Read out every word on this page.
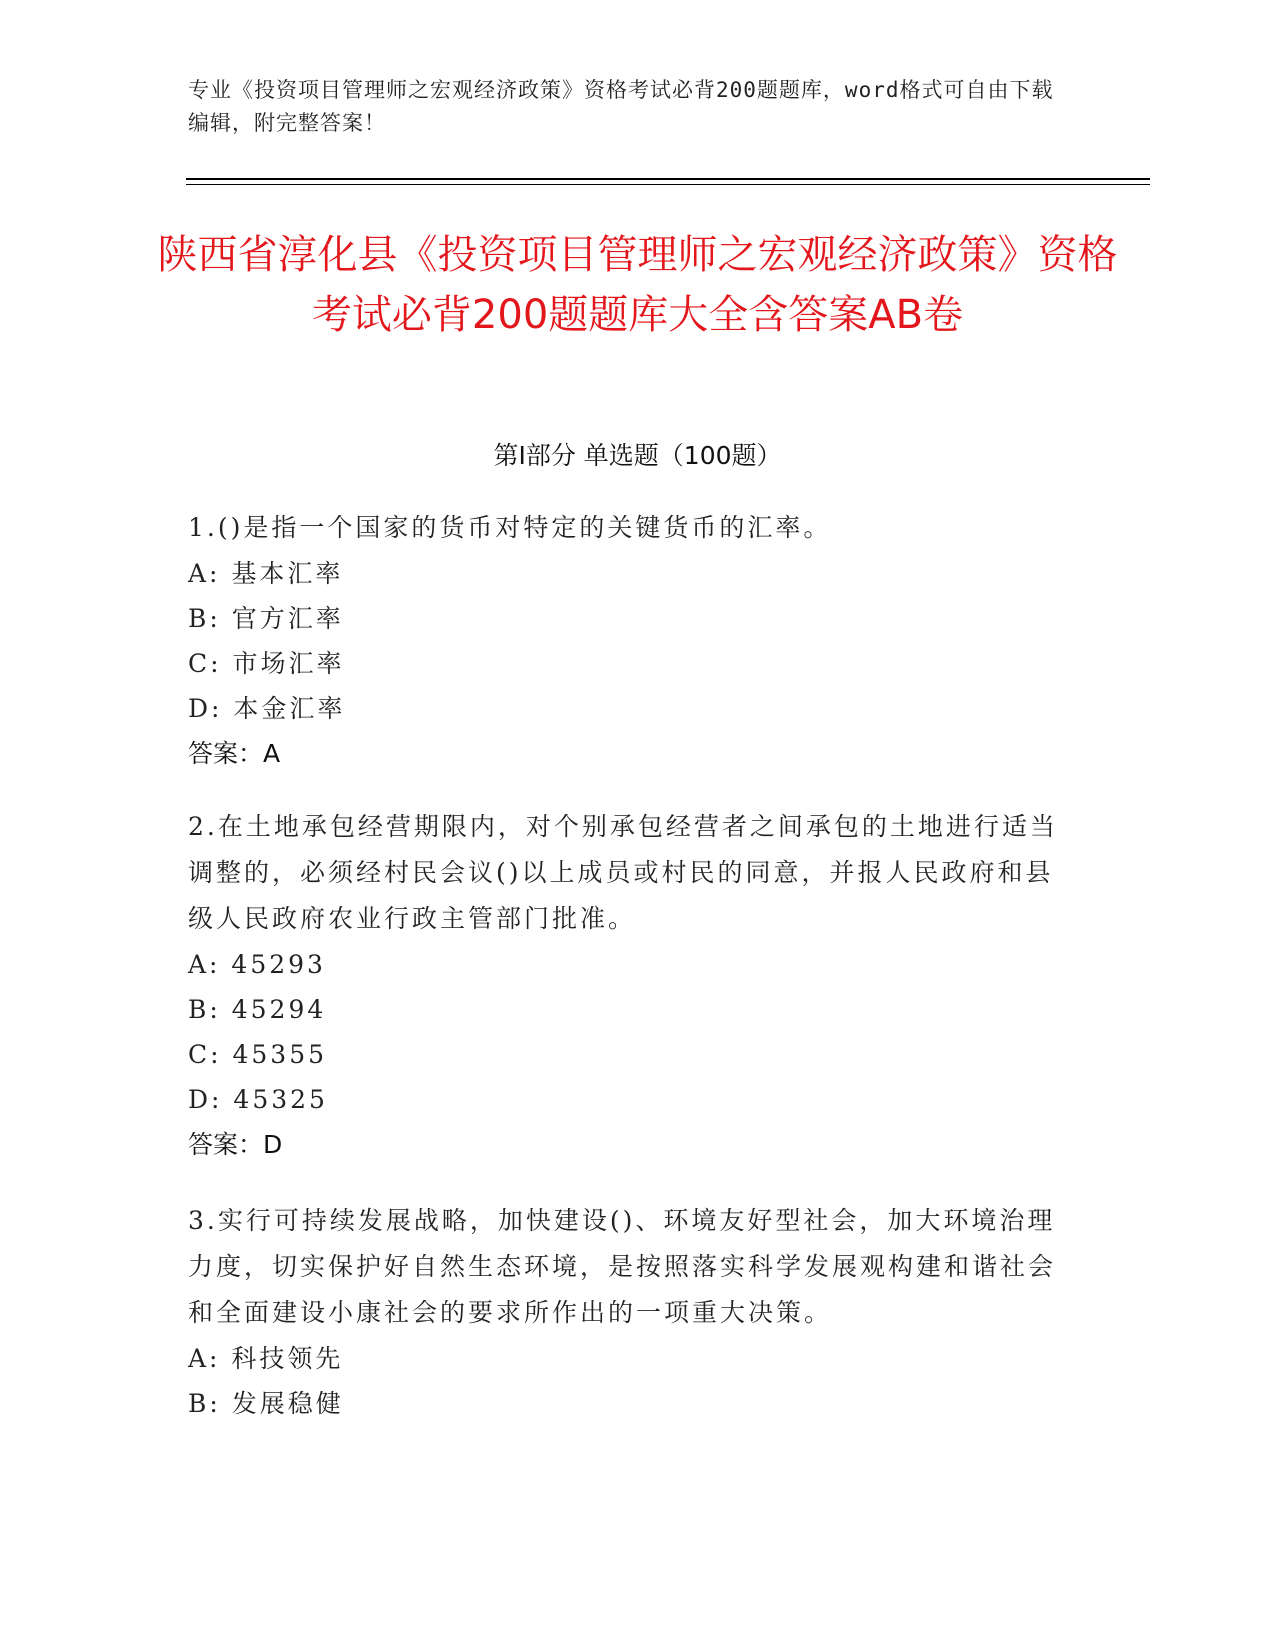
专业《投资项目管理师之宏观经济政策》资格考试必背200题题库，word格式可自由下载编辑，附完整答案！
陕西省淳化县《投资项目管理师之宏观经济政策》资格考试必背200题题库大全含答案AB卷
第I部分 单选题（100题）
1.()是指一个国家的货币对特定的关键货币的汇率。
A: 基本汇率
B: 官方汇率
C: 市场汇率
D: 本金汇率
答案：A
2.在土地承包经营期限内，对个别承包经营者之间承包的土地进行适当调整的，必须经村民会议()以上成员或村民的同意，并报人民政府和县级人民政府农业行政主管部门批准。
A: 45293
B: 45294
C: 45355
D: 45325
答案：D
3.实行可持续发展战略，加快建设()、环境友好型社会，加大环境治理力度，切实保护好自然生态环境，是按照落实科学发展观构建和谐社会和全面建设小康社会的要求所作出的一项重大决策。
A: 科技领先
B: 发展稳健
